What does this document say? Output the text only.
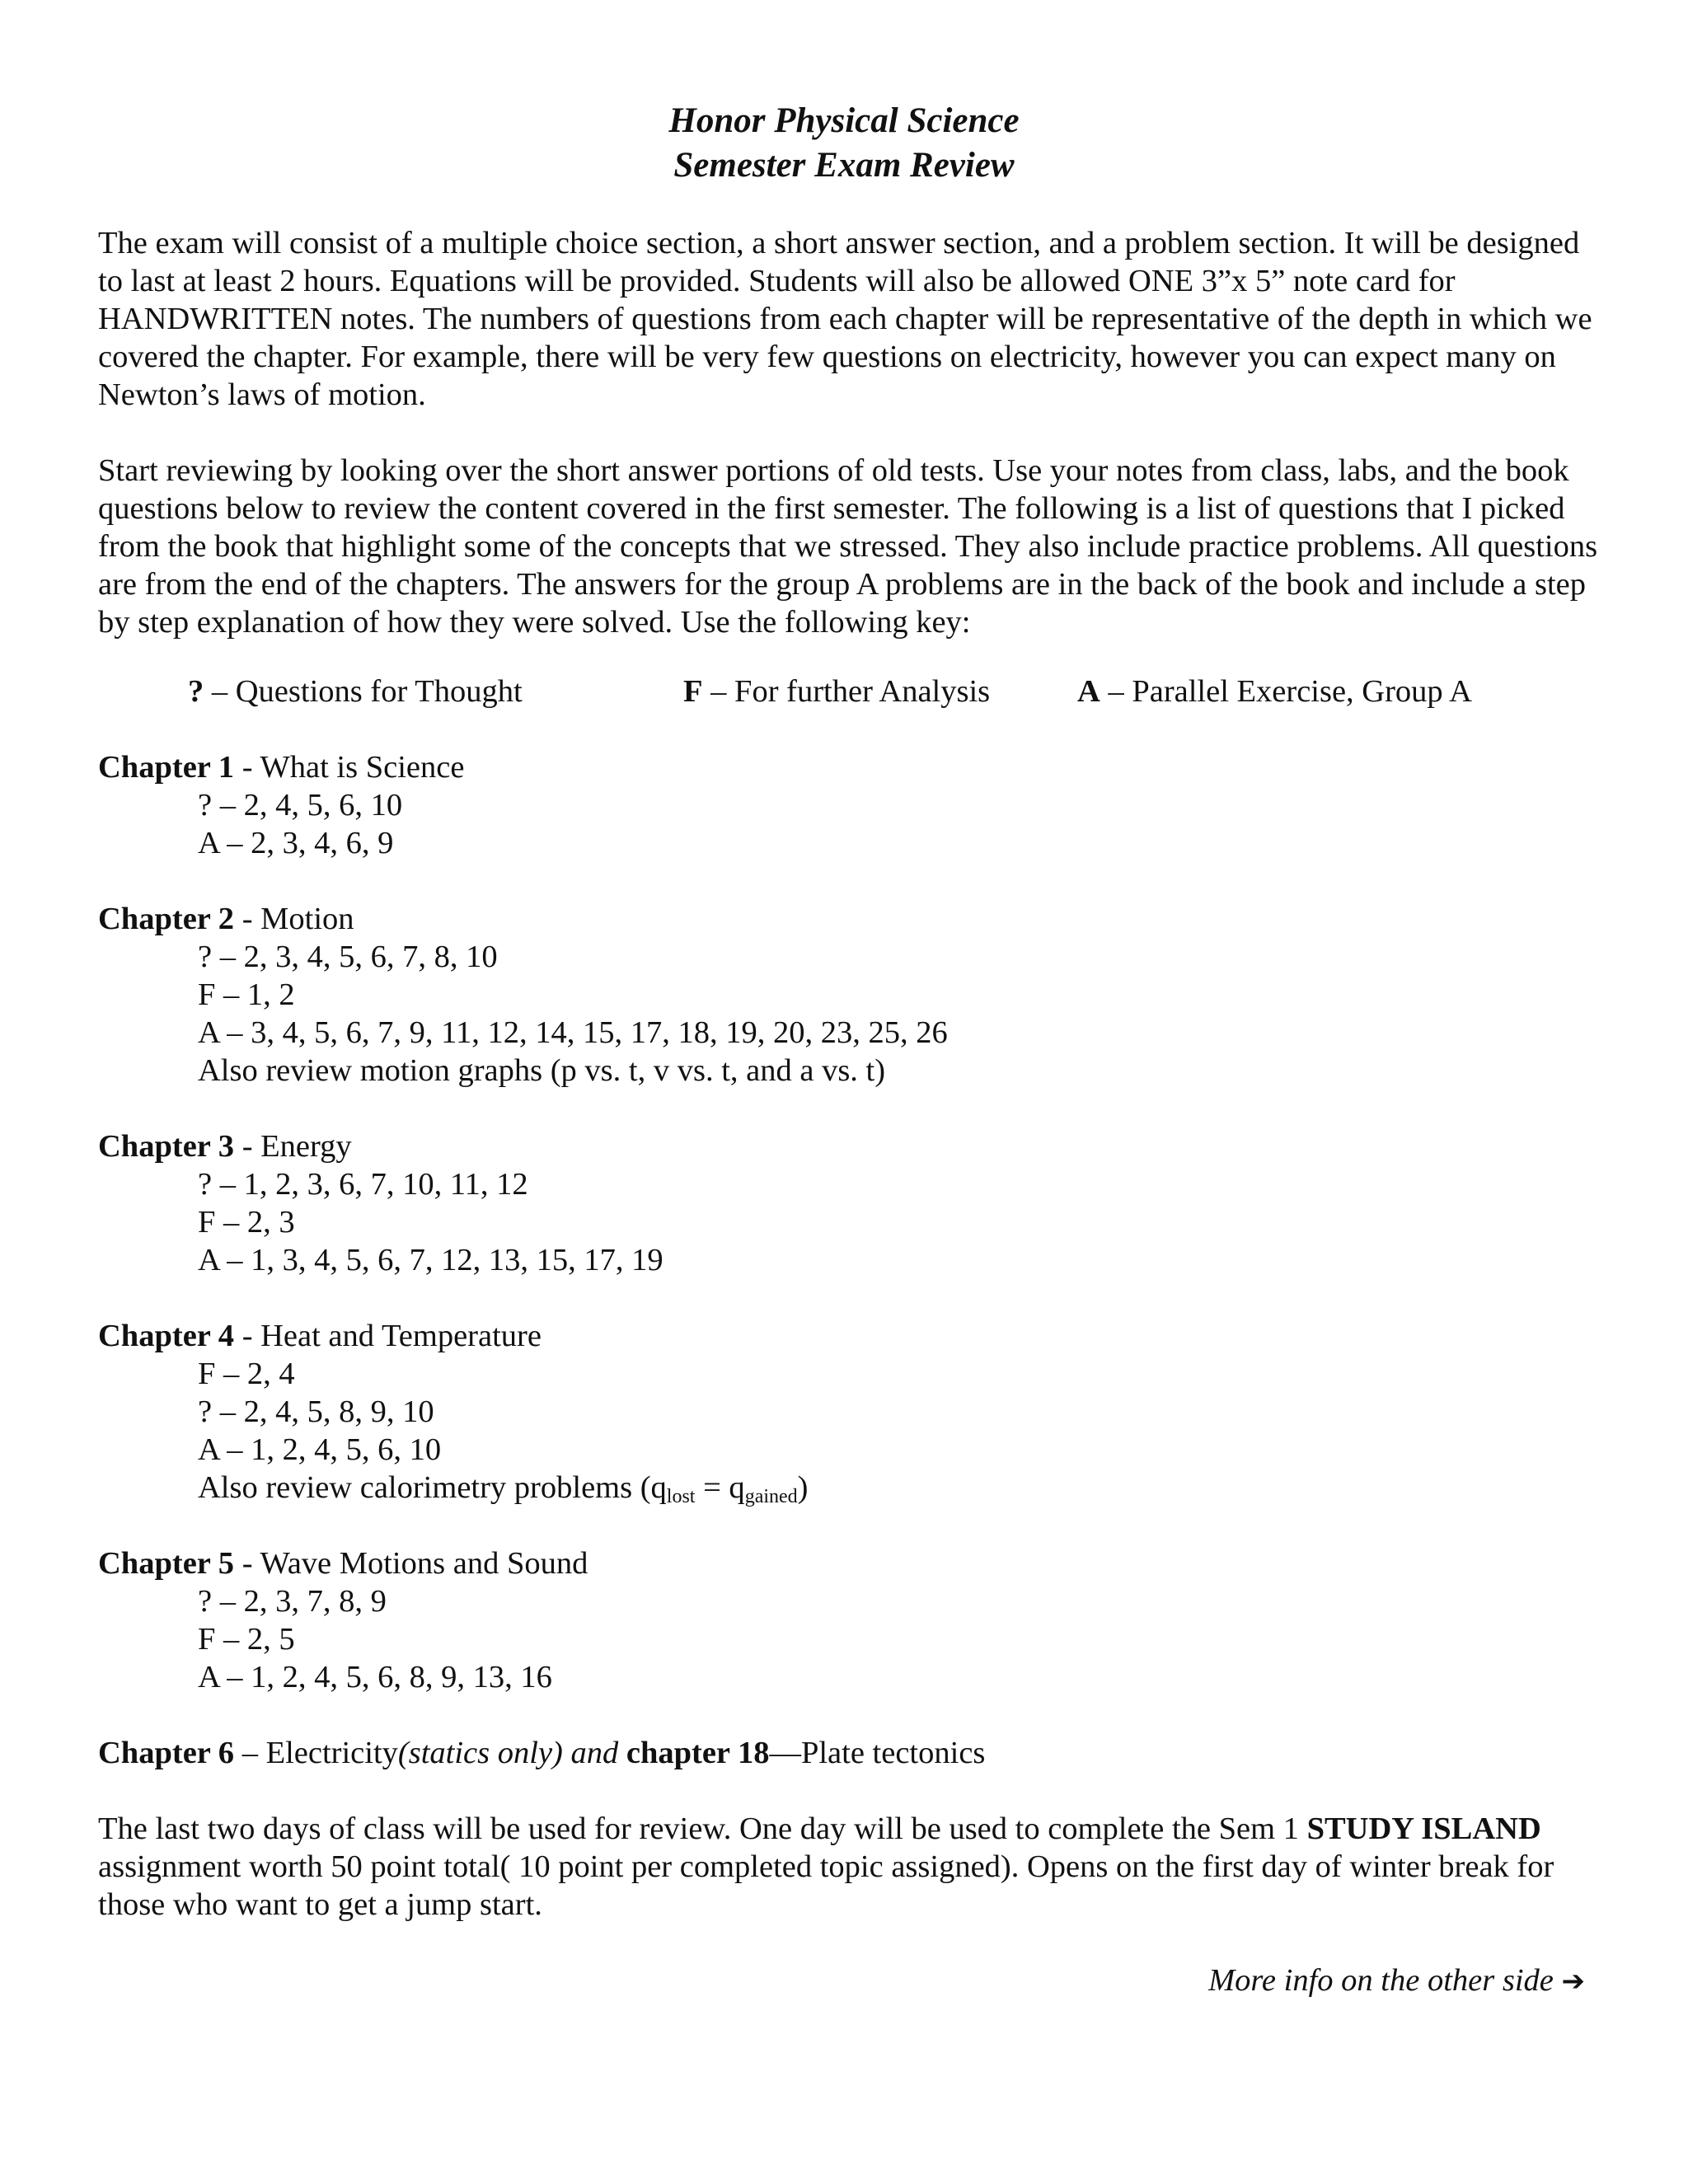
Honor Physical Science
Semester Exam Review
The exam will consist of a multiple choice section, a short answer section, and a problem section. It will be designed to last at least 2 hours. Equations will be provided. Students will also be allowed ONE 3”x 5” note card for HANDWRITTEN notes. The numbers of questions from each chapter will be representative of the depth in which we covered the chapter. For example, there will be very few questions on electricity, however you can expect many on Newton’s laws of motion.
Start reviewing by looking over the short answer portions of old tests. Use your notes from class, labs, and the book questions below to review the content covered in the first semester. The following is a list of questions that I picked from the book that highlight some of the concepts that we stressed. They also include practice problems. All questions are from the end of the chapters. The answers for the group A problems are in the back of the book and include a step by step explanation of how they were solved. Use the following key:
? – Questions for Thought	F – For further Analysis	A – Parallel Exercise, Group A
Chapter 1 - What is Science
? – 2, 4, 5, 6, 10
A – 2, 3, 4, 6, 9
Chapter 2 - Motion
? – 2, 3, 4, 5, 6, 7, 8, 10
F – 1, 2
A – 3, 4, 5, 6, 7, 9, 11, 12, 14, 15, 17, 18, 19, 20, 23, 25, 26
Also review motion graphs (p vs. t, v vs. t, and a vs. t)
Chapter 3 - Energy
? – 1, 2, 3, 6, 7, 10, 11, 12
F – 2, 3
A – 1, 3, 4, 5, 6, 7, 12, 13, 15, 17, 19
Chapter 4 - Heat and Temperature
F – 2, 4
? – 2, 4, 5, 8, 9, 10
A – 1, 2, 4, 5, 6, 10
Also review calorimetry problems $(q_{lost} = q_{gained})$
Chapter 5 - Wave Motions and Sound
? – 2, 3, 7, 8, 9
F – 2, 5
A – 1, 2, 4, 5, 6, 8, 9, 13, 16
Chapter 6 – Electricity(statics only) and chapter 18—Plate tectonics
The last two days of class will be used for review. One day will be used to complete the Sem 1 STUDY ISLAND assignment worth 50 point total( 10 point per completed topic assigned). Opens on the first day of winter break for those who want to get a jump start.
More info on the other side ➔
